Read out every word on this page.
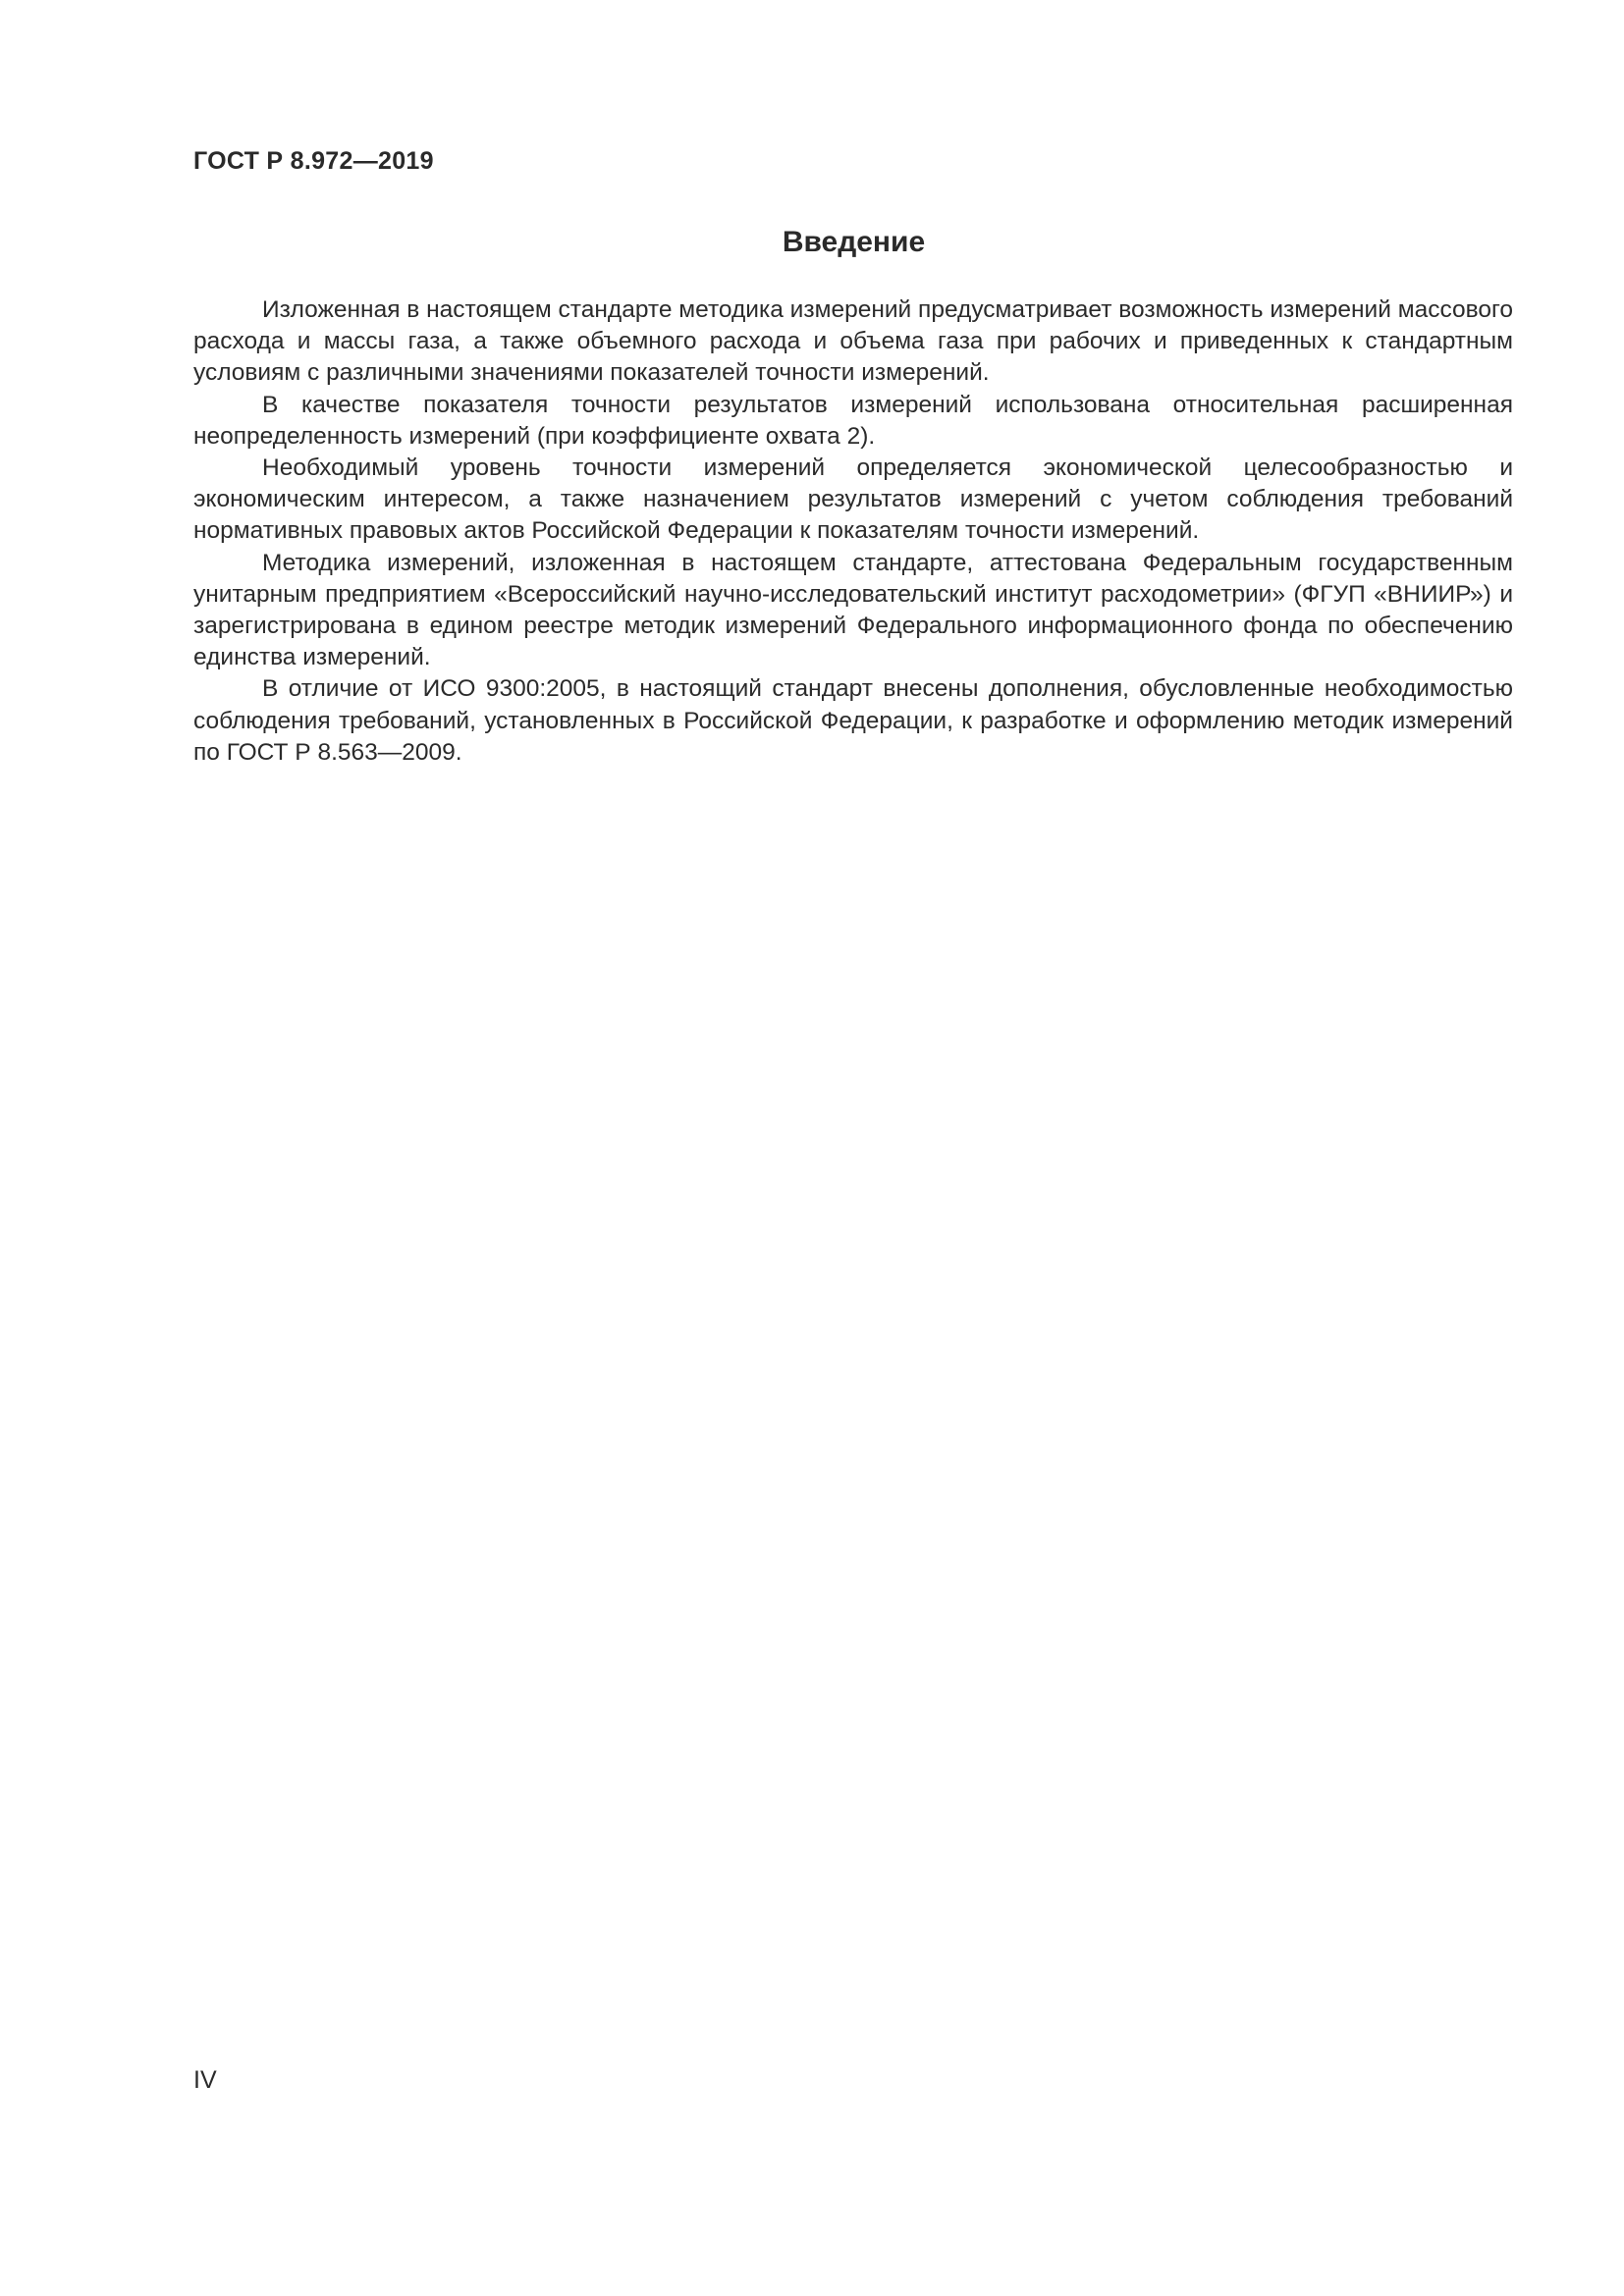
ГОСТ Р 8.972—2019
Введение

Изложенная в настоящем стандарте методика измерений предусматривает возможность измерений массового расхода и массы газа, а также объемного расхода и объема газа при рабочих и приведенных к стандартным условиям с различными значениями показателей точности измерений.

В качестве показателя точности результатов измерений использована относительная расширенная неопределенность измерений (при коэффициенте охвата 2).

Необходимый уровень точности измерений определяется экономической целесообразностью и экономическим интересом, а также назначением результатов измерений с учетом соблюдения требований нормативных правовых актов Российской Федерации к показателям точности измерений.

Методика измерений, изложенная в настоящем стандарте, аттестована Федеральным государственным унитарным предприятием «Всероссийский научно-исследовательский институт расходометрии» (ФГУП «ВНИИР») и зарегистрирована в едином реестре методик измерений Федерального информационного фонда по обеспечению единства измерений.

В отличие от ИСО 9300:2005, в настоящий стандарт внесены дополнения, обусловленные необходимостью соблюдения требований, установленных в Российской Федерации, к разработке и оформлению методик измерений по ГОСТ Р 8.563—2009.

IV
